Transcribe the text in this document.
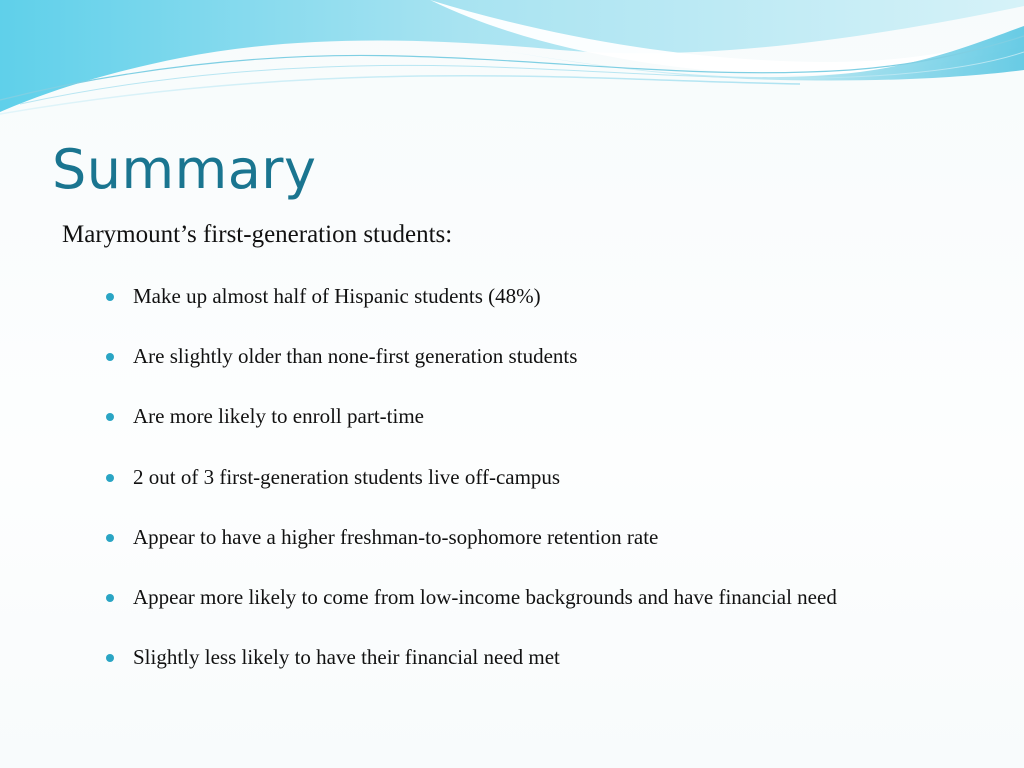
Summary

Marymount’s first-generation students:

Make up almost half of Hispanic students (48%)
Are slightly older than none-first generation students
Are more likely to enroll part-time
2 out of 3 first-generation students live off-campus
Appear to have a higher freshman-to-sophomore retention rate
Appear more likely to come from low-income backgrounds and have financial need
Slightly less likely to have their financial need met
